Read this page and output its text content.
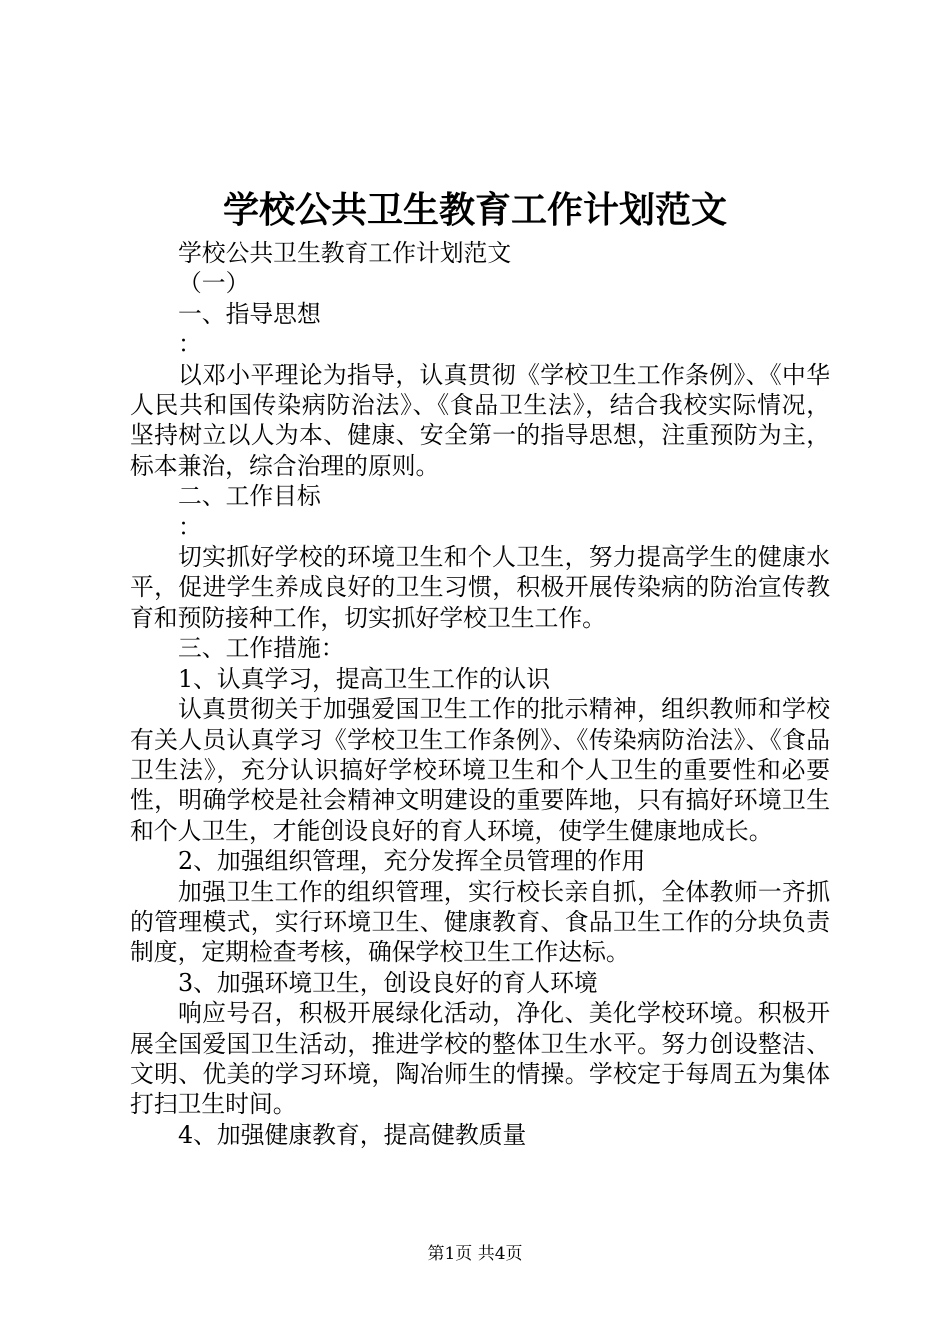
学校公共卫生教育工作计划范文

学校公共卫生教育工作计划范文

（一）

一、指导思想

：

以邓小平理论为指导，认真贯彻《学校卫生工作条例》、《中华人民共和国传染病防治法》、《食品卫生法》，结合我校实际情况，坚持树立以人为本、健康、安全第一的指导思想，注重预防为主，标本兼治，综合治理的原则。

二、工作目标

：

切实抓好学校的环境卫生和个人卫生，努力提高学生的健康水平，促进学生养成良好的卫生习惯，积极开展传染病的防治宣传教育和预防接种工作，切实抓好学校卫生工作。

三、工作措施：

1、认真学习，提高卫生工作的认识

认真贯彻关于加强爱国卫生工作的批示精神，组织教师和学校有关人员认真学习《学校卫生工作条例》、《传染病防治法》、《食品卫生法》，充分认识搞好学校环境卫生和个人卫生的重要性和必要性，明确学校是社会精神文明建设的重要阵地，只有搞好环境卫生和个人卫生，才能创设良好的育人环境，使学生健康地成长。

2、加强组织管理，充分发挥全员管理的作用

加强卫生工作的组织管理，实行校长亲自抓，全体教师一齐抓的管理模式，实行环境卫生、健康教育、食品卫生工作的分块负责制度，定期检查考核，确保学校卫生工作达标。

3、加强环境卫生，创设良好的育人环境

响应号召，积极开展绿化活动，净化、美化学校环境。积极开展全国爱国卫生活动，推进学校的整体卫生水平。努力创设整洁、文明、优美的学习环境，陶冶师生的情操。学校定于每周五为集体打扫卫生时间。

4、加强健康教育，提高健教质量

第1页 共4页
